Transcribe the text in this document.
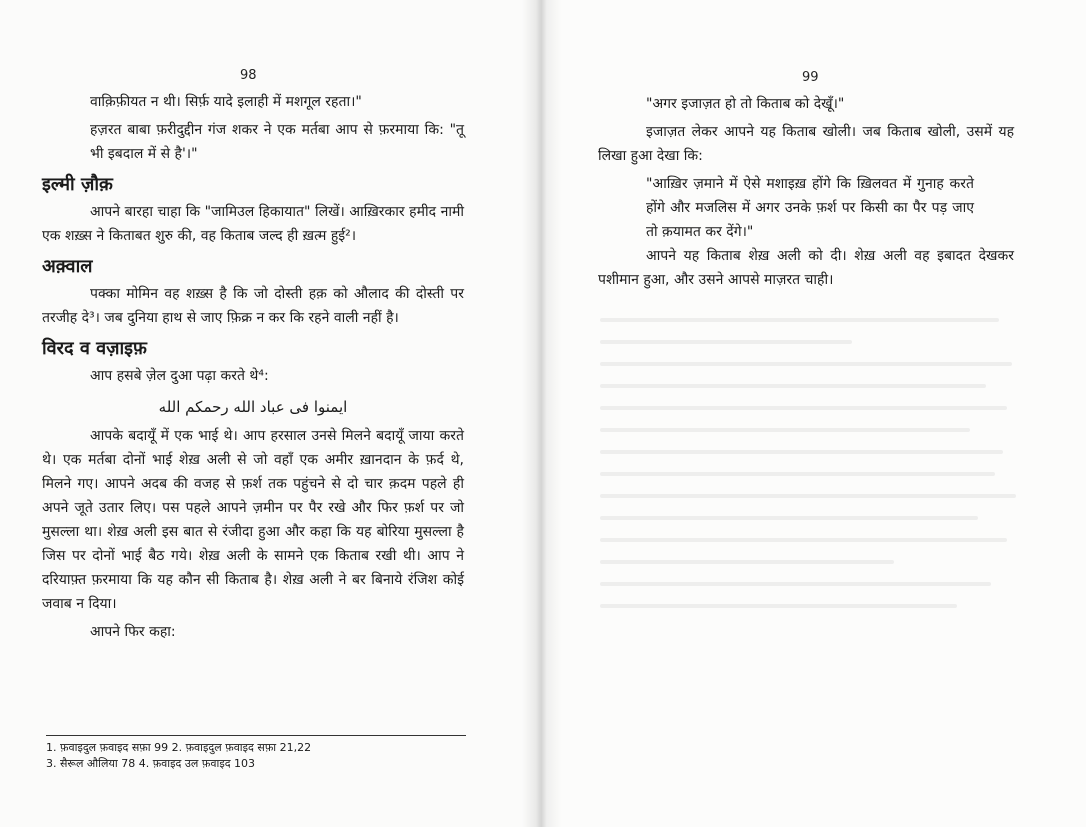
98

वाक़िफ़ीयत न थी। सिर्फ़ यादे इलाही में मशगूल रहता।"

हज़रत बाबा फ़रीदुद्दीन गंज शकर ने एक मर्तबा आप से फ़रमाया कि: "तू भी इबदाल में से है'।"

इल्मी ज़ौक़

आपने बारहा चाहा कि "जामिउल हिकायात" लिखें। आख़िरकार हमीद नामी एक शख़्स ने किताबत शुरु की, वह किताब जल्द ही ख़त्म हुई²।

अक़्वाल

पक्का मोमिन वह शख़्स है कि जो दोस्ती हक़ को औलाद की दोस्ती पर तरजीह दे³। जब दुनिया हाथ से जाए फ़िक्र न कर कि रहने वाली नहीं है।

विरद व वज़ाइफ़

आप हसबे ज़ेल दुआ पढ़ा करते थे⁴:

ايمنوا فى عباد الله رحمكم الله

आपके बदायूँ में एक भाई थे। आप हरसाल उनसे मिलने बदायूँ जाया करते थे। एक मर्तबा दोनों भाई शेख़ अली से जो वहाँ एक अमीर ख़ानदान के फ़र्द थे, मिलने गए। आपने अदब की वजह से फ़र्श तक पहुंचने से दो चार क़दम पहले ही अपने जूते उतार लिए। पस पहले आपने ज़मीन पर पैर रखे और फिर फ़र्श पर जो मुसल्ला था। शेख़ अली इस बात से रंजीदा हुआ और कहा कि यह बोरिया मुसल्ला है जिस पर दोनों भाई बैठ गये। शेख़ अली के सामने एक किताब रखी थी। आप ने दरियाफ़्त फ़रमाया कि यह कौन सी किताब है। शेख़ अली ने बर बिनाये रंजिश कोई जवाब न दिया।

आपने फिर कहा:

1. फ़वाइदुल फ़वाइद सफ़ा 99 2. फ़वाइदुल फ़वाइद सफ़ा 21,22
3. सैरूल औलिया 78 4. फ़वाइद उल फ़वाइद 103
99

"अगर इजाज़त हो तो किताब को देखूँ।"

इजाज़त लेकर आपने यह किताब खोली। जब किताब खोली, उसमें यह लिखा हुआ देखा कि:

"आख़िर ज़माने में ऐसे मशाइख़ होंगे कि ख़िलवत में गुनाह करते होंगे और मजलिस में अगर उनके फ़र्श पर किसी का पैर पड़ जाए तो क़यामत कर देंगे।"

आपने यह किताब शेख़ अली को दी। शेख़ अली वह इबादत देखकर पशीमान हुआ, और उसने आपसे माज़रत चाही।
